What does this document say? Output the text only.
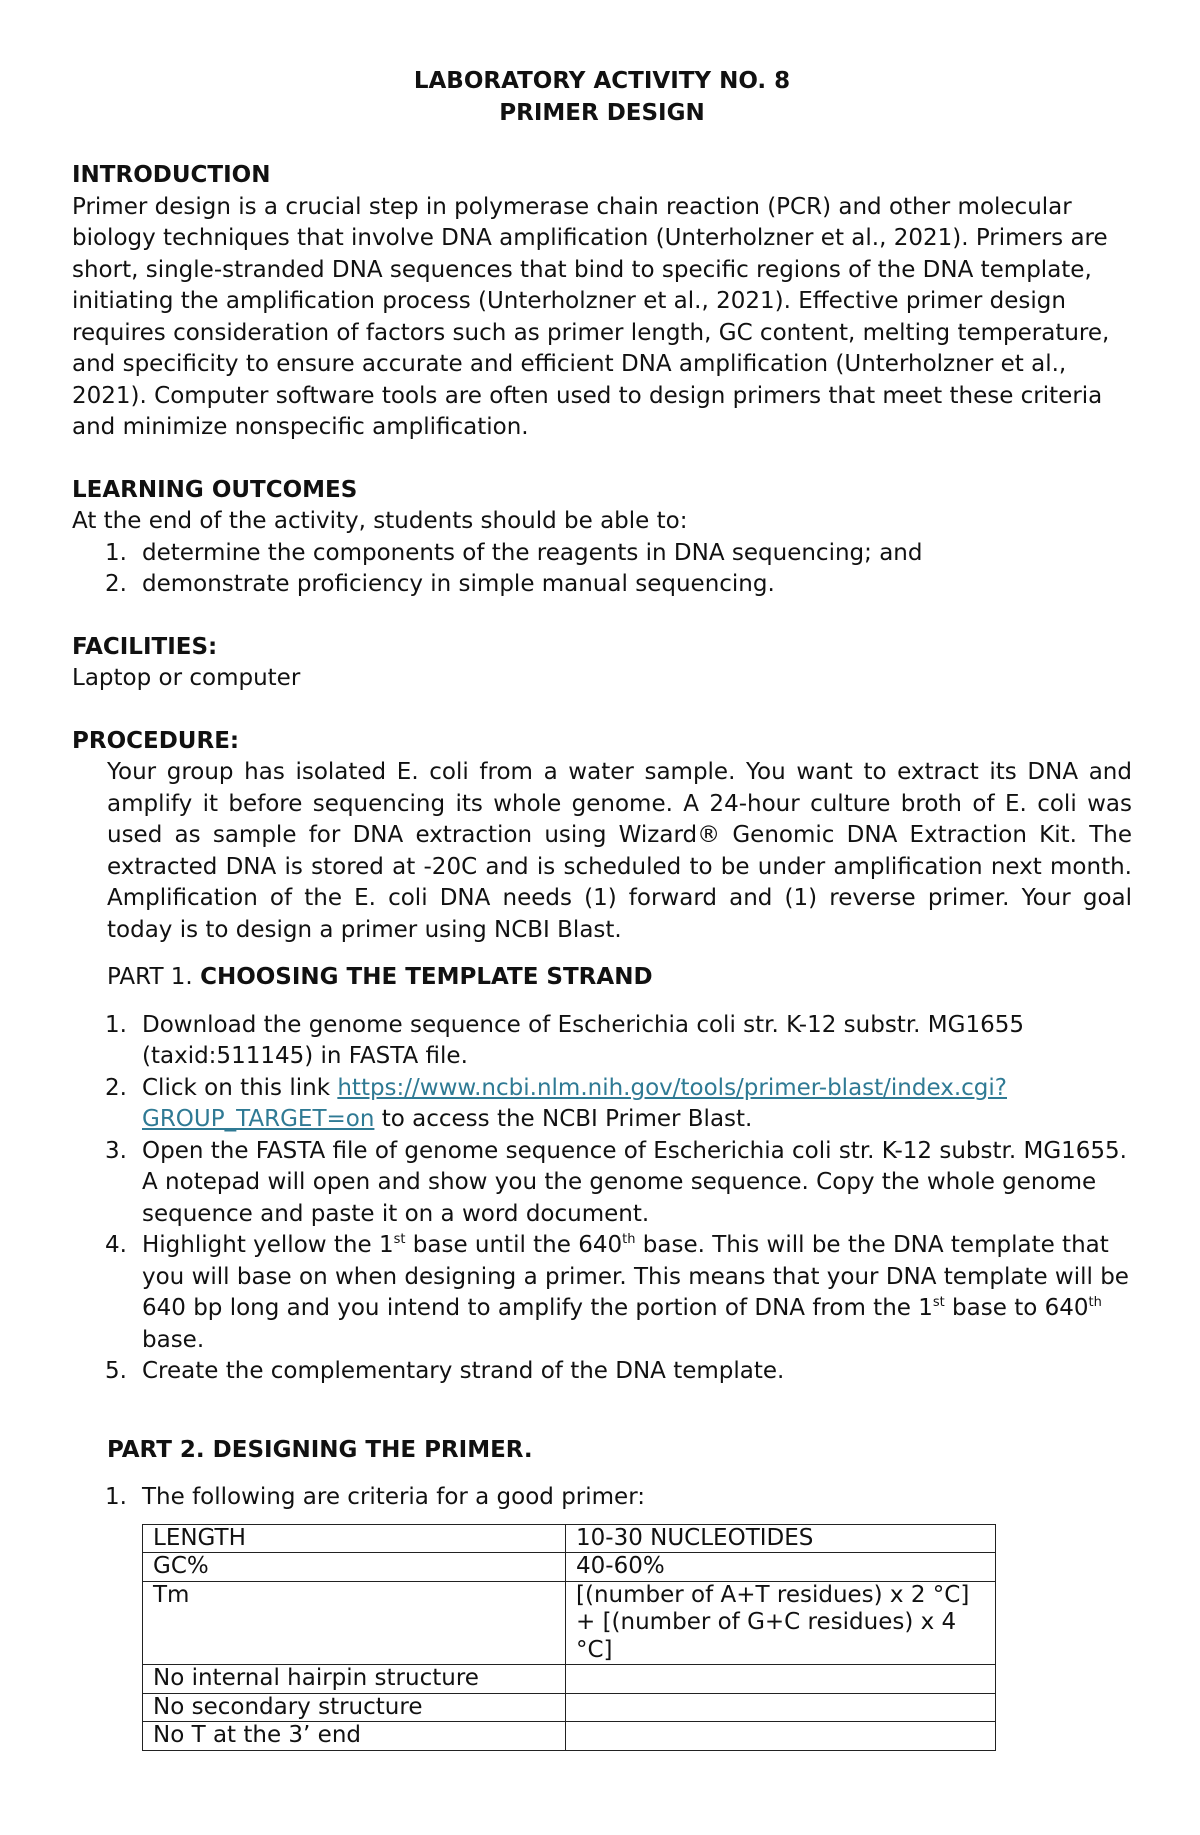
LABORATORY ACTIVITY NO. 8

PRIMER DESIGN

INTRODUCTION

Primer design is a crucial step in polymerase chain reaction (PCR) and other molecular biology techniques that involve DNA amplification (Unterholzner et al., 2021). Primers are short, single-stranded DNA sequences that bind to specific regions of the DNA template, initiating the amplification process (Unterholzner et al., 2021). Effective primer design requires consideration of factors such as primer length, GC content, melting temperature, and specificity to ensure accurate and efficient DNA amplification (Unterholzner et al., 2021). Computer software tools are often used to design primers that meet these criteria and minimize nonspecific amplification.

LEARNING OUTCOMES

At the end of the activity, students should be able to:

1. determine the components of the reagents in DNA sequencing; and
2. demonstrate proficiency in simple manual sequencing.
FACILITIES:

Laptop or computer

PROCEDURE:

Your group has isolated E. coli from a water sample. You want to extract its DNA and amplify it before sequencing its whole genome. A 24-hour culture broth of E. coli was used as sample for DNA extraction using Wizard® Genomic DNA Extraction Kit. The extracted DNA is stored at -20C and is scheduled to be under amplification next month. Amplification of the E. coli DNA needs (1) forward and (1) reverse primer. Your goal today is to design a primer using NCBI Blast.

PART 1. CHOOSING THE TEMPLATE STRAND

1. Download the genome sequence of Escherichia coli str. K-12 substr. MG1655 (taxid:511145) in FASTA file.
2. Click on this link https://www.ncbi.nlm.nih.gov/tools/primer-blast/index.cgi?GROUP_TARGET=on to access the NCBI Primer Blast.
3. Open the FASTA file of genome sequence of Escherichia coli str. K-12 substr. MG1655. A notepad will open and show you the genome sequence. Copy the whole genome sequence and paste it on a word document.
4. Highlight yellow the 1st base until the 640th base. This will be the DNA template that you will base on when designing a primer. This means that your DNA template will be 640 bp long and you intend to amplify the portion of DNA from the 1st base to 640th base.
5. Create the complementary strand of the DNA template.

PART 2. DESIGNING THE PRIMER.

1. The following are criteria for a good primer:
LENGTH	10-30 NUCLEOTIDES
GC%	40-60%
Tm	[(number of A+T residues) x 2 °C] + [(number of G+C residues) x 4 °C]
No internal hairpin structure	
No secondary structure	
No T at the 3’ end	
